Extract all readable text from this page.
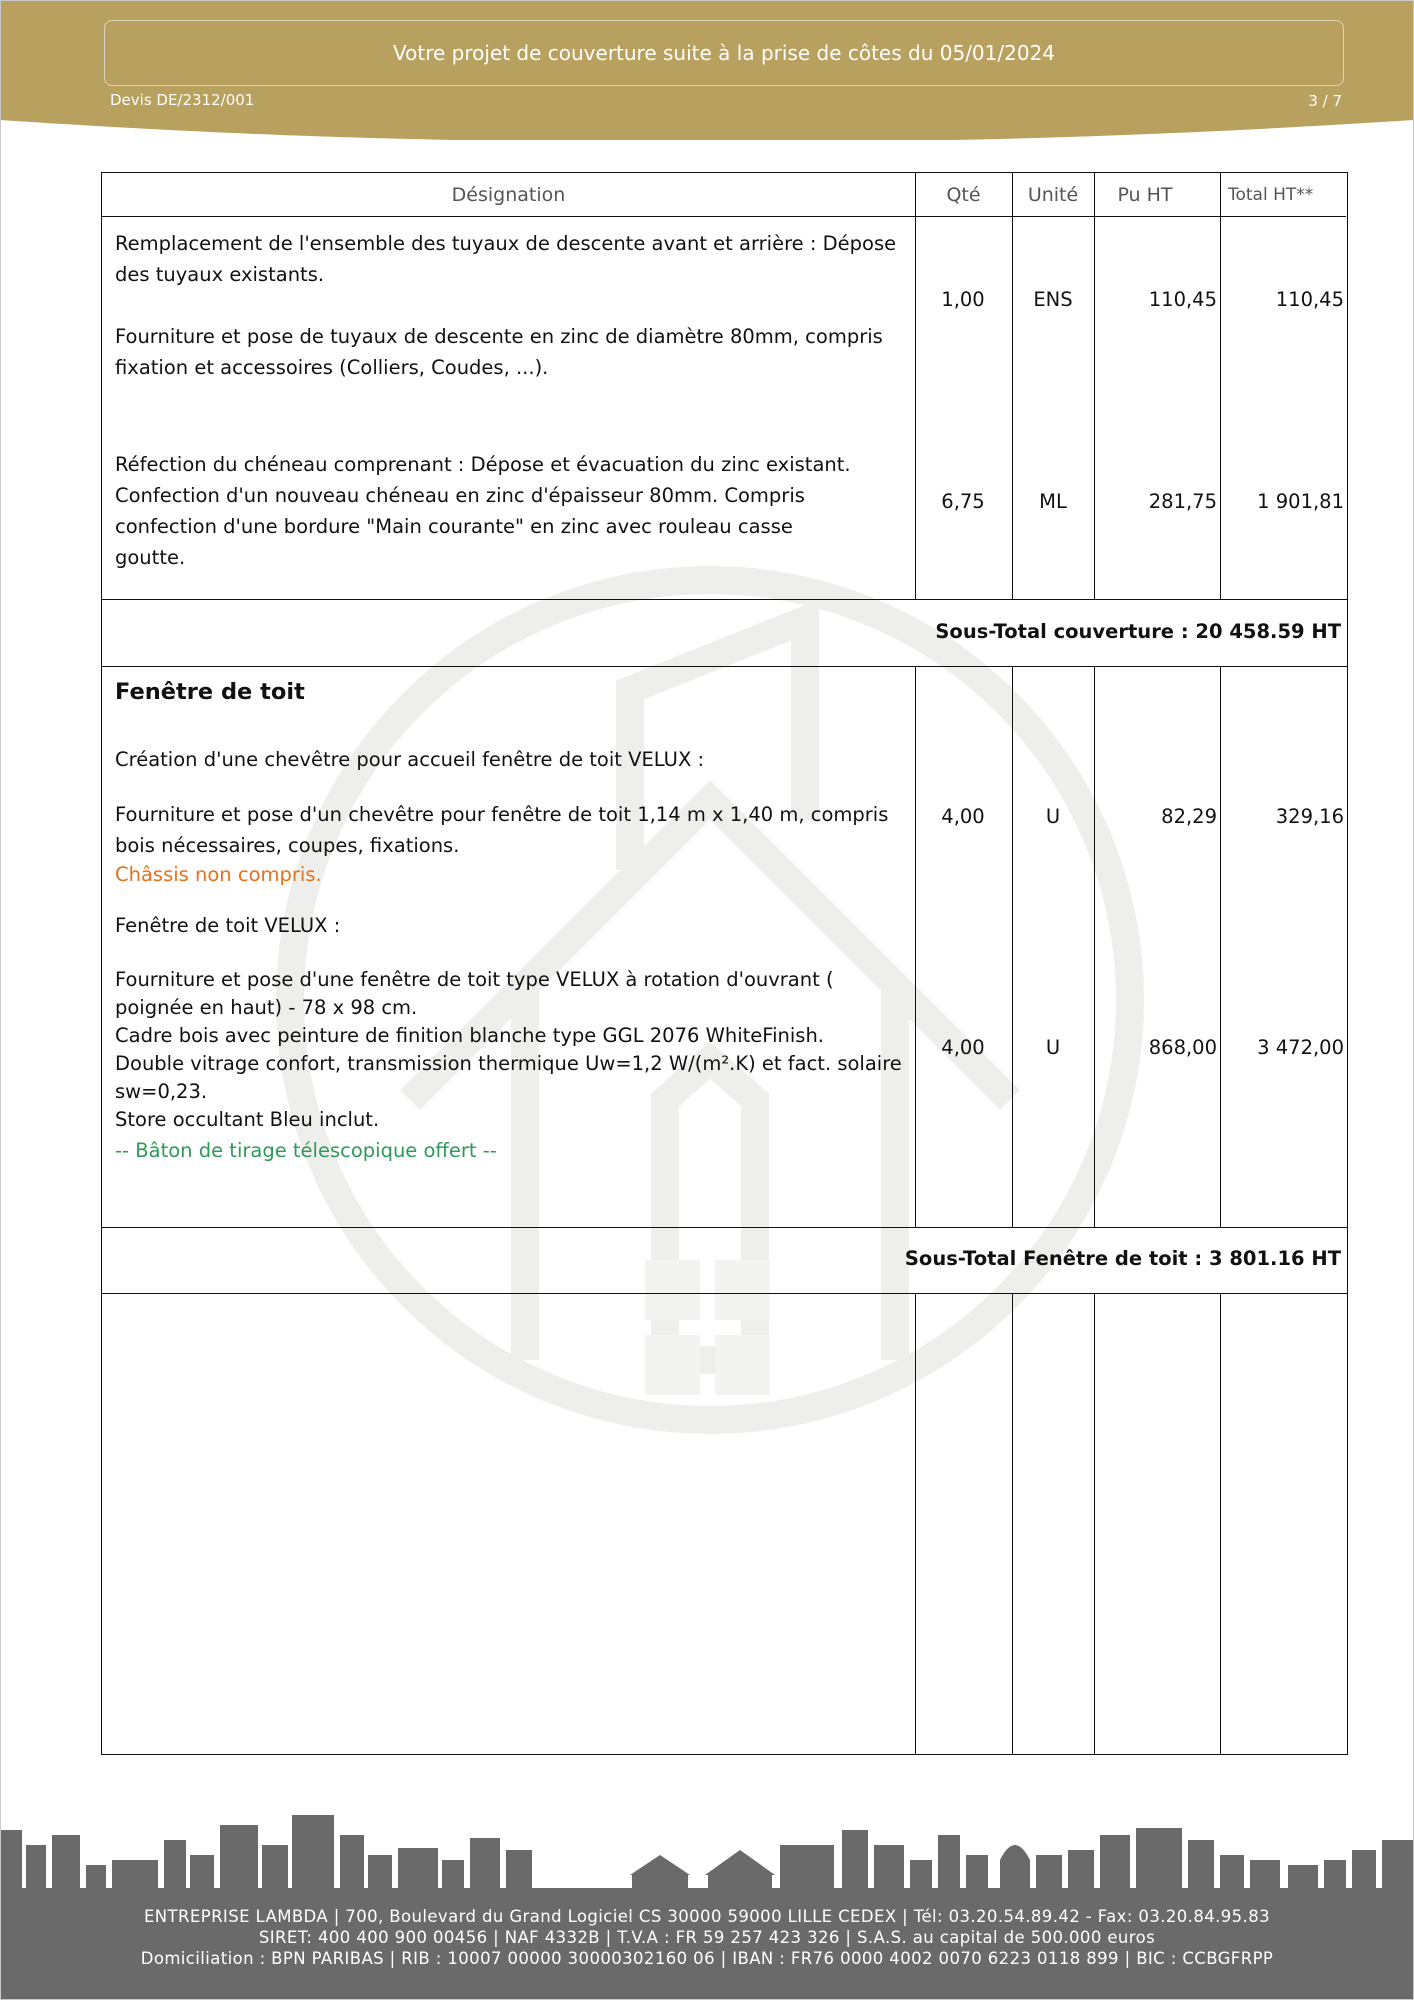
Votre projet de couverture suite à la prise de côtes du 05/01/2024
Devis DE/2312/001	3 / 7
Désignation	Qté	Unité	Pu HT	Total HT**

Remplacement de l'ensemble des tuyaux de descente avant et arrière : Dépose des tuyaux existants.

Fourniture et pose de tuyaux de descente en zinc de diamètre 80mm, compris fixation et accessoires (Colliers, Coudes, ...).

1,00	ENS	110,45	110,45

Réfection du chéneau comprenant : Dépose et évacuation du zinc existant.

Confection d'un nouveau chéneau en zinc d'épaisseur 80mm. Compris

confection d'une bordure "Main courante" en zinc avec rouleau casse

goutte.

6,75	ML	281,75	1 901,81
Sous-Total couverture : 20 458.59 HT

Fenêtre de toit

Création d'une chevêtre pour accueil fenêtre de toit VELUX :

Fourniture et pose d'un chevêtre pour fenêtre de toit 1,14 m x 1,40 m, compris bois nécessaires, coupes, fixations.

Châssis non compris.

4,00	U	82,29	329,16

Fenêtre de toit VELUX :

Fourniture et pose d'une fenêtre de toit type VELUX à rotation d'ouvrant ( poignée en haut) - 78 x 98 cm.

Cadre bois avec peinture de finition blanche type GGL 2076 WhiteFinish.

Double vitrage confort, transmission thermique Uw=1,2 W/(m².K) et fact. solaire sw=0,23.

Store occultant Bleu inclut.

-- Bâton de tirage télescopique offert --

4,00	U	868,00	3 472,00
Sous-Total Fenêtre de toit : 3 801.16 HT
ENTREPRISE LAMBDA | 700, Boulevard du Grand Logiciel CS 30000 59000 LILLE CEDEX | Tél: 03.20.54.89.42 - Fax: 03.20.84.95.83
SIRET: 400 400 900 00456 | NAF 4332B | T.V.A : FR 59 257 423 326 | S.A.S. au capital de 500.000 euros
Domiciliation : BPN PARIBAS | RIB : 10007 00000 30000302160 06 | IBAN : FR76 0000 4002 0070 6223 0118 899 | BIC : CCBGFRPP
